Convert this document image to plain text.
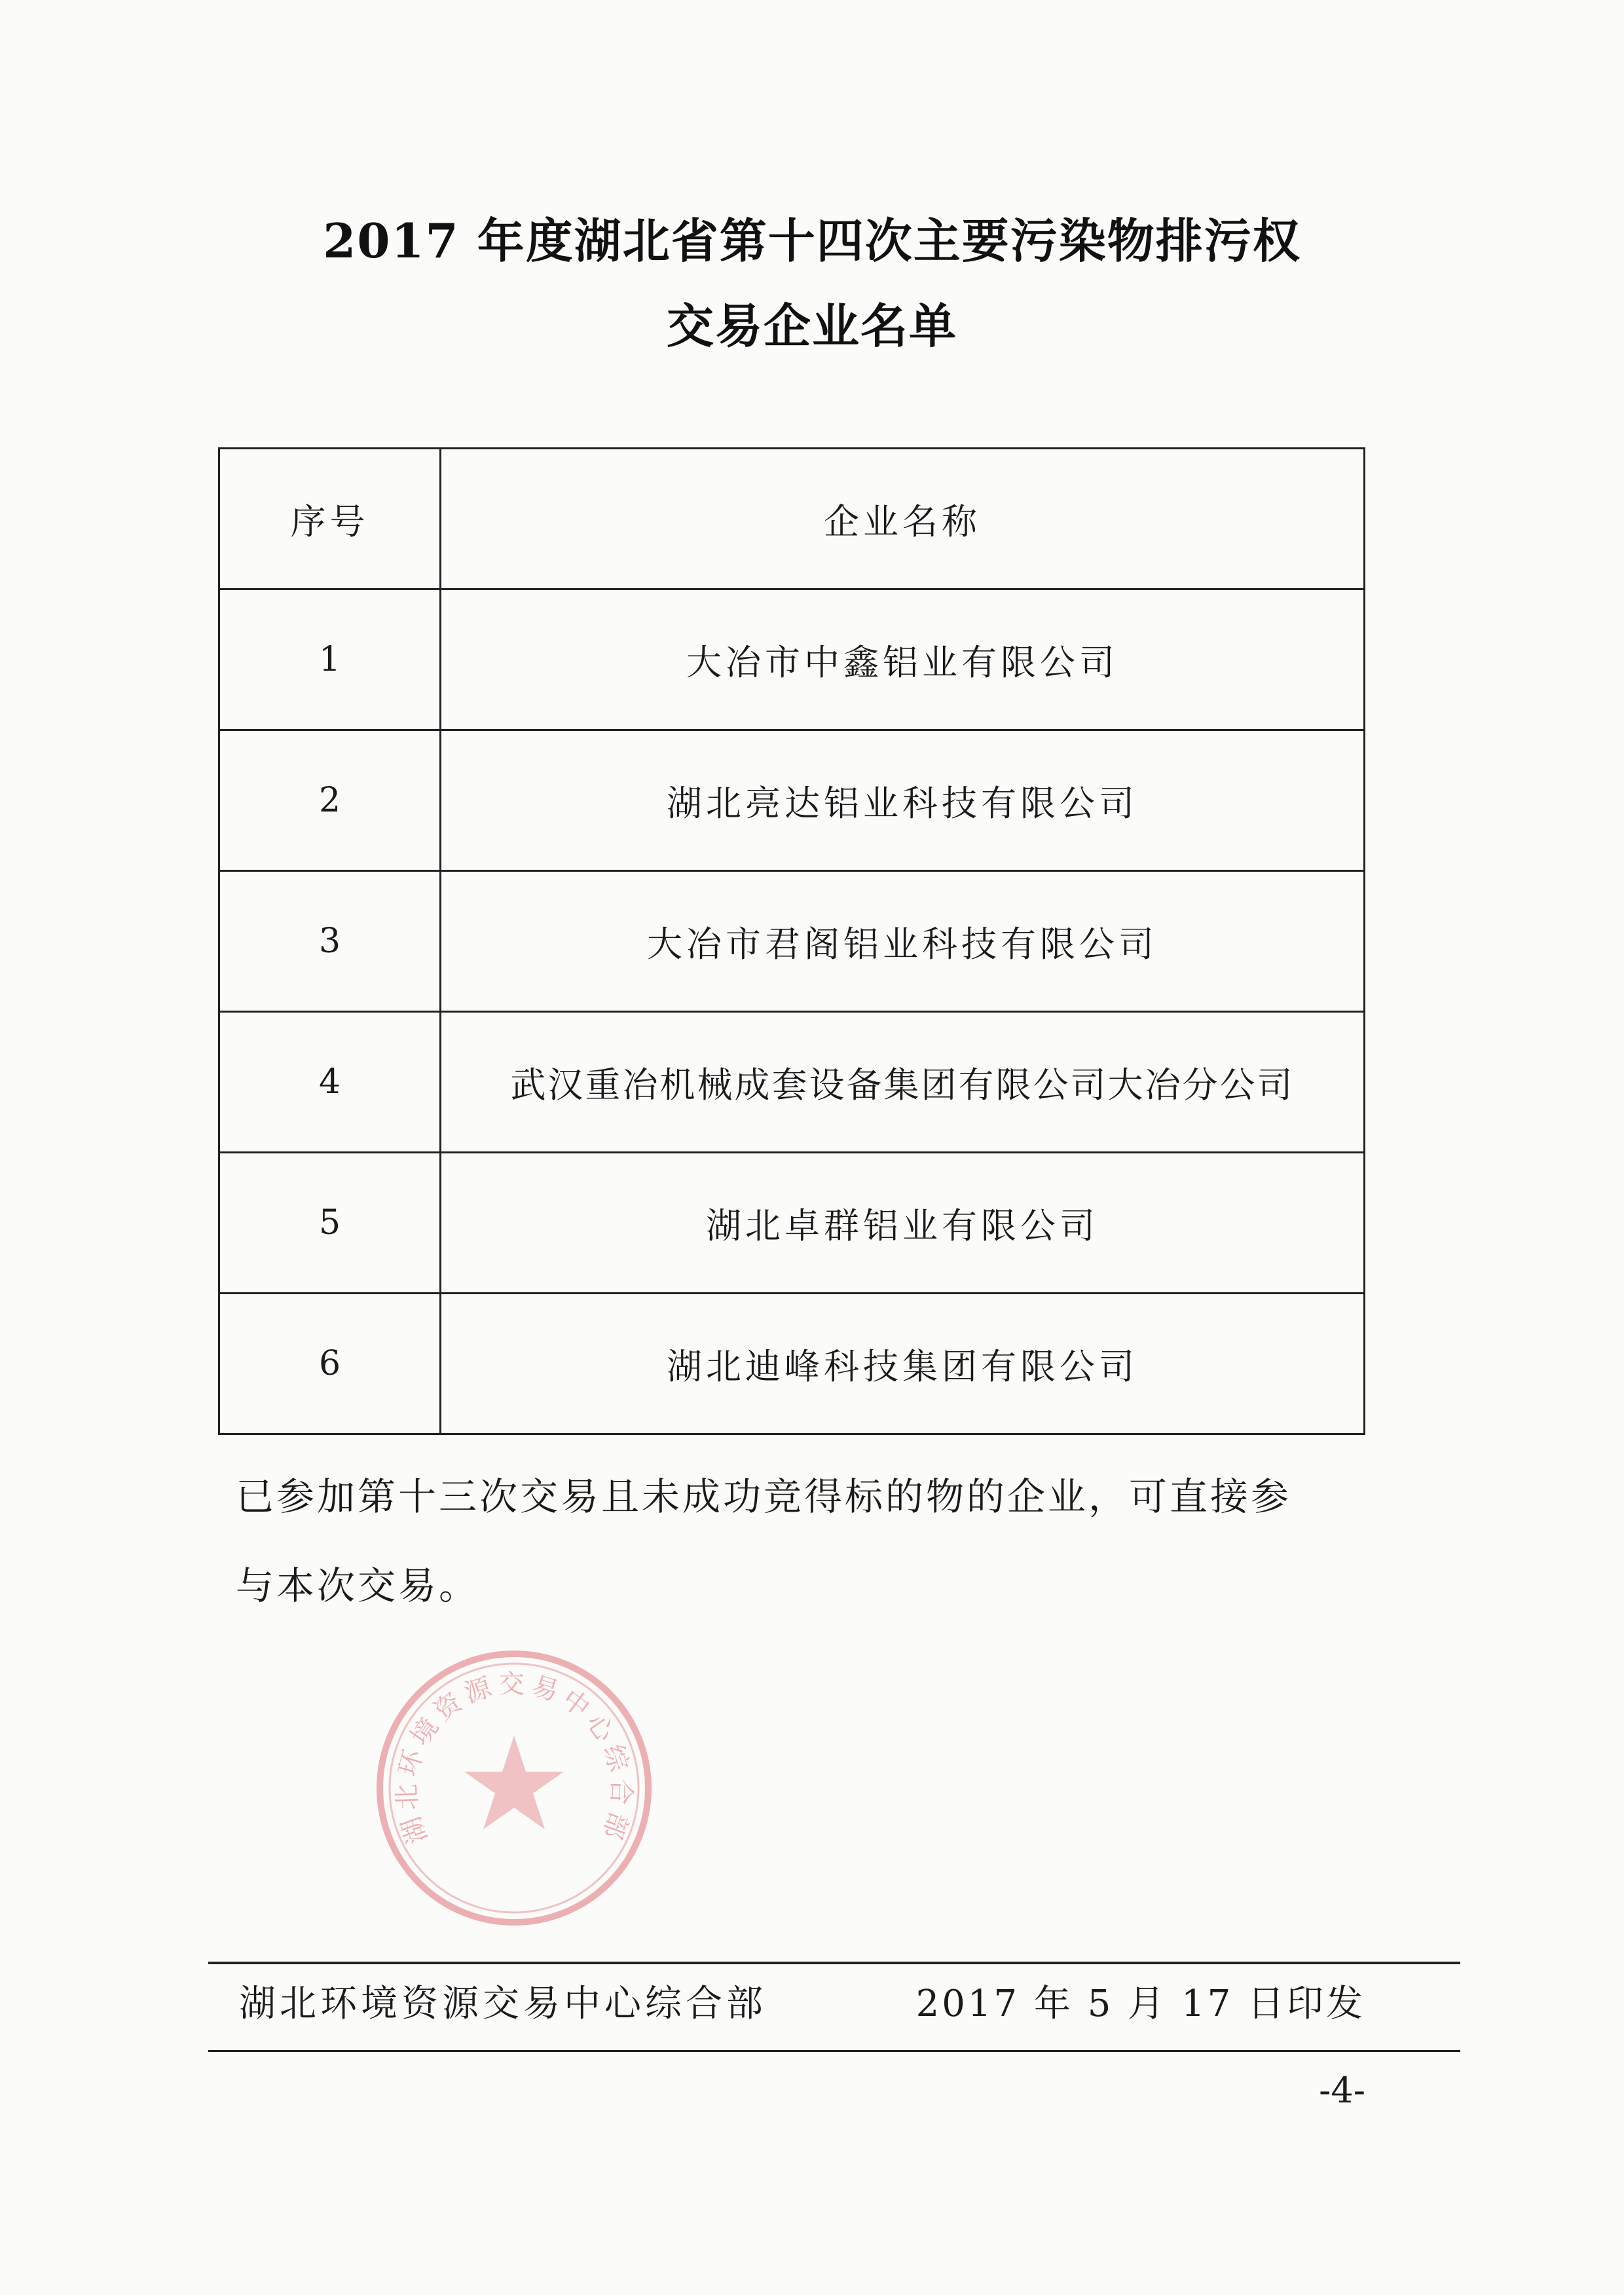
2017 年度湖北省第十四次主要污染物排污权
交易企业名单
序号	企业名称
1	大冶市中鑫铝业有限公司
2	湖北亮达铝业科技有限公司
3	大冶市君阁铝业科技有限公司
4	武汉重冶机械成套设备集团有限公司大冶分公司
5	湖北卓群铝业有限公司
6	湖北迪峰科技集团有限公司
已参加第十三次交易且未成功竞得标的物的企业，可直接参
与本次交易。
湖北环境资源交易中心综合部
湖北环境资源交易中心综合部	2017 年 5 月 17 日印发
-4-
